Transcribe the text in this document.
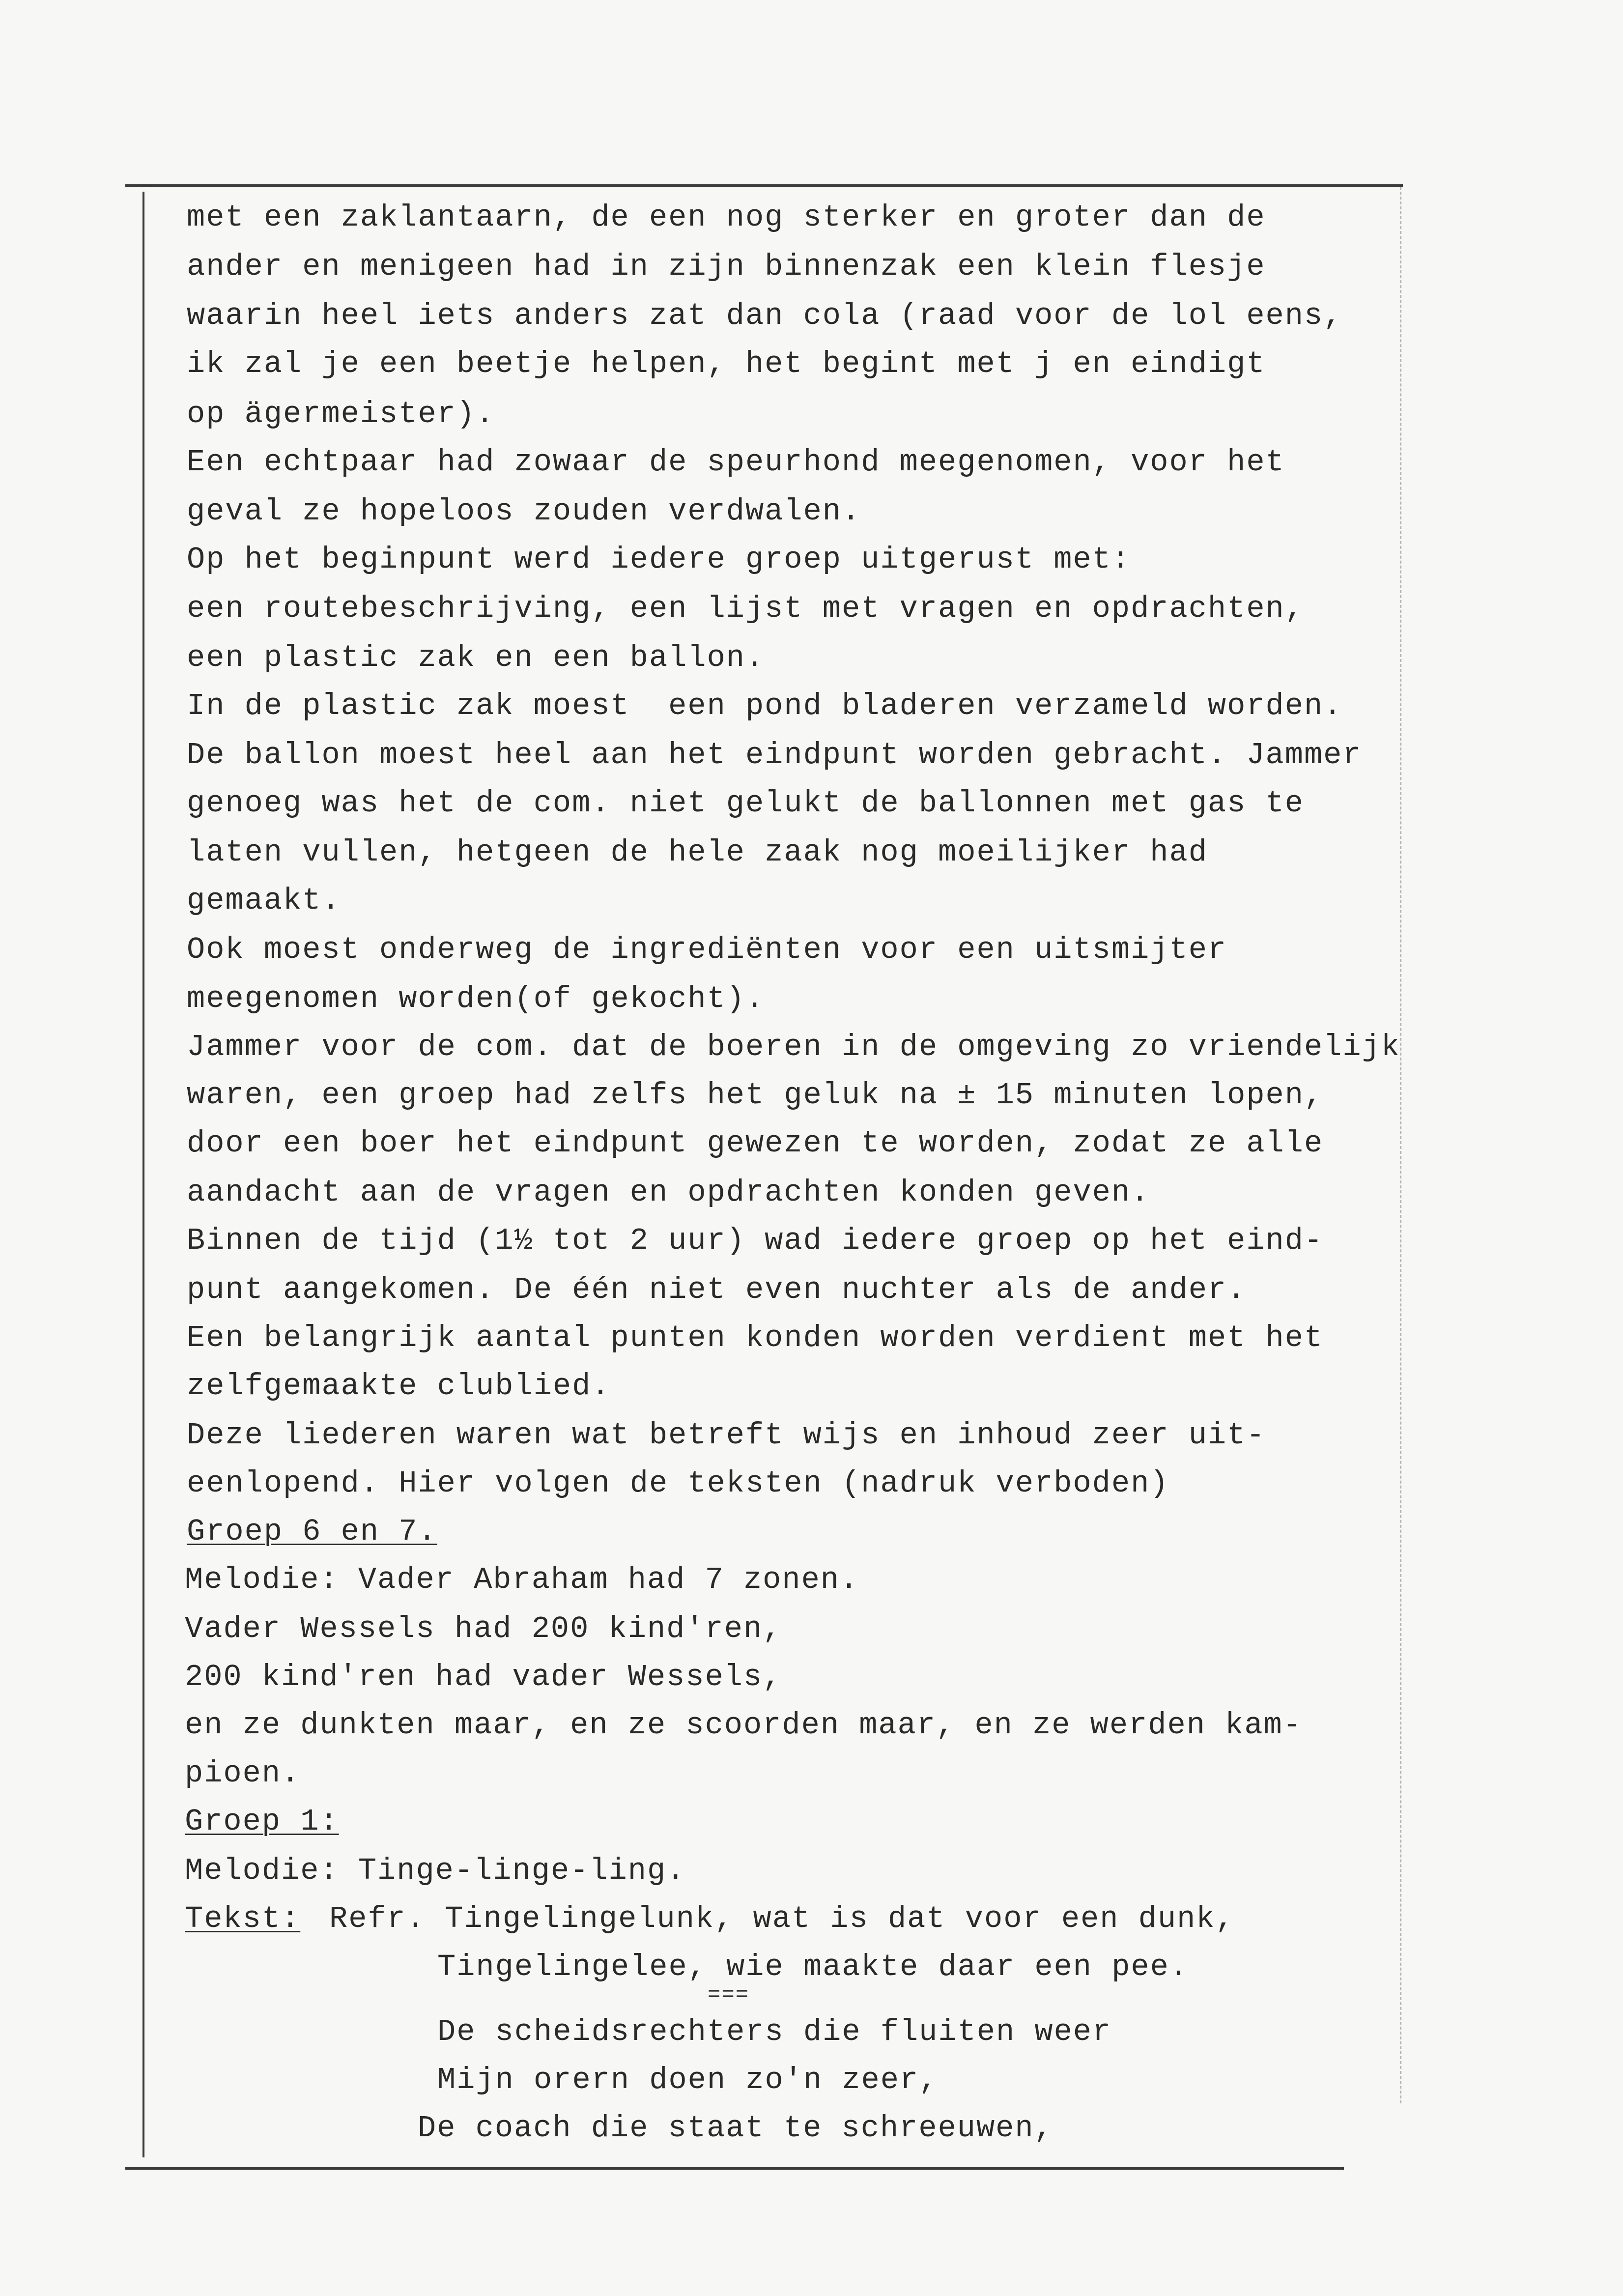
met een zaklantaarn, de een nog sterker en groter dan de
ander en menigeen had in zijn binnenzak een klein flesje
waarin heel iets anders zat dan cola (raad voor de lol eens,
ik zal je een beetje helpen, het begint met j en eindigt
op ägermeister).
Een echtpaar had zowaar de speurhond meegenomen, voor het
geval ze hopeloos zouden verdwalen.
Op het beginpunt werd iedere groep uitgerust met:
een routebeschrijving, een lijst met vragen en opdrachten,
een plastic zak en een ballon.
In de plastic zak moest  een pond bladeren verzameld worden.
De ballon moest heel aan het eindpunt worden gebracht. Jammer
genoeg was het de com. niet gelukt de ballonnen met gas te
laten vullen, hetgeen de hele zaak nog moeilijker had
gemaakt.
Ook moest onderweg de ingrediënten voor een uitsmijter
meegenomen worden(of gekocht).
Jammer voor de com. dat de boeren in de omgeving zo vriendelijk
waren, een groep had zelfs het geluk na ± 15 minuten lopen,
door een boer het eindpunt gewezen te worden, zodat ze alle
aandacht aan de vragen en opdrachten konden geven.
Binnen de tijd (1½ tot 2 uur) wad iedere groep op het eind-
punt aangekomen. De één niet even nuchter als de ander.
Een belangrijk aantal punten konden worden verdient met het
zelfgemaakte clublied.
Deze liederen waren wat betreft wijs en inhoud zeer uit-
eenlopend. Hier volgen de teksten (nadruk verboden)
Groep 6 en 7.
Melodie: Vader Abraham had 7 zonen.
Vader Wessels had 200 kind'ren,
200 kind'ren had vader Wessels,
en ze dunkten maar, en ze scoorden maar, en ze werden kam-
pioen.
Groep 1:
Melodie: Tinge-linge-ling.
Tekst: Refr. Tingelingelunk, wat is dat voor een dunk,
Tingelingelee, wie maakte daar een pee.
===
De scheidsrechters die fluiten weer
Mijn orern doen zo'n zeer,
De coach die staat te schreeuwen,
